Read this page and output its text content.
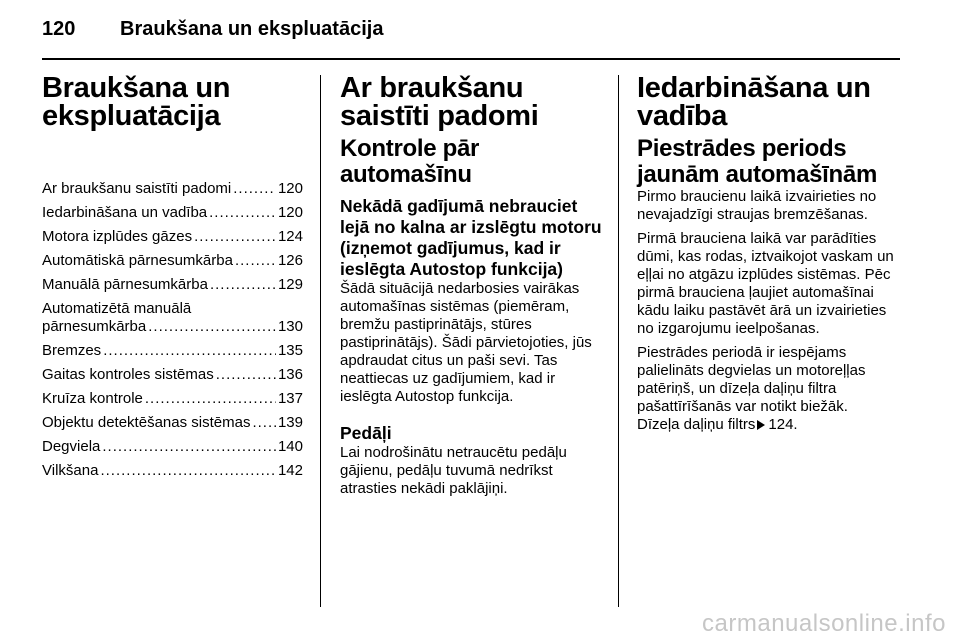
120 Braukšana un ekspluatācija
Braukšana un ekspluatācija
Ar braukšanu saistīti padomi .....	120
Iedarbināšana un vadība .....	120
Motora izplūdes gāzes .....	124
Automātiskā pārnesumkārba .....	126
Manuālā pārnesumkārba .....	129
Automatizētā manuālā
pārnesumkārba .....	130
Bremzes .....	135
Gaitas kontroles sistēmas .....	136
Kruīza kontrole .....	137
Objektu detektēšanas sistēmas ..... 139
Degviela .....	140
Vilkšana .....	142
Ar braukšanu saistīti padomi
Kontrole pār automašīnu
Nekādā gadījumā nebrauciet lejā no kalna ar izslēgtu motoru (izņemot gadījumus, kad ir ieslēgta Autostop funkcija)

Šādā situācijā nedarbosies vairākas automašīnas sistēmas (piemēram, bremžu pastiprinātājs, stūres pastiprinātājs). Šādi pārvietojoties, jūs apdraudat citus un paši sevi. Tas neattiecas uz gadījumiem, kad ir ieslēgta Autostop funkcija.

Pedāļi

Lai nodrošinātu netraucētu pedāļu gājienu, pedāļu tuvumā nedrīkst atrasties nekādi paklājiņi.

Iedarbināšana un vadība
Piestrādes periods jaunām automašīnām

Pirmo braucienu laikā izvairieties no nevajadzīgi straujas bremzēšanas.

Pirmā brauciena laikā var parādīties dūmi, kas rodas, iztvaikojot vaskam un eļļai no atgāzu izplūdes sistēmas. Pēc pirmā brauciena ļaujiet automašīnai kādu laiku pastāvēt ārā un izvairieties no izgarojumu ieelpošanas.

Piestrādes periodā ir iespējams palielināts degvielas un motoreļļas patēriņš, un dīzeļa daļiņu filtra pašattīrīšanās var notikt biežāk.

Dīzeļa daļiņu filtrs 124.

carmanualsonline.info
